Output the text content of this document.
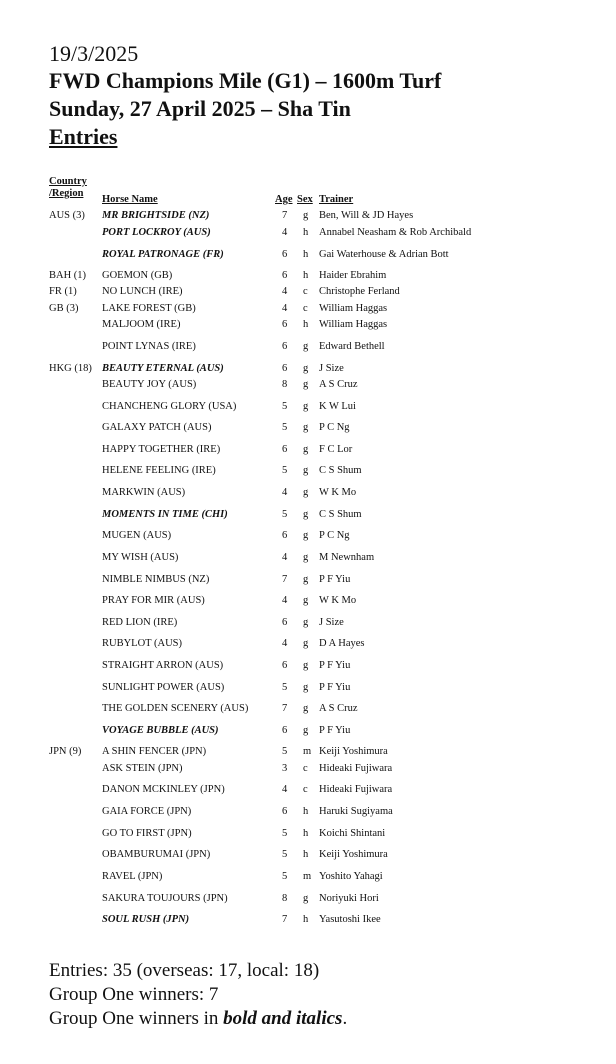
19/3/2025
FWD Champions Mile (G1) – 1600m Turf
Sunday, 27 April 2025 – Sha Tin
Entries
Country
/Region
Horse Name	Age Sex Trainer
AUS (3) MR BRIGHTSIDE (NZ)	7 g Ben, Will & JD Hayes
PORT LOCKROY (AUS)	4 h Annabel Neasham & Rob Archibald
ROYAL PATRONAGE (FR)	6 h Gai Waterhouse & Adrian Bott
BAH (1) GOEMON (GB)	6 h Haider Ebrahim
FR (1) NO LUNCH (IRE)	4 c Christophe Ferland
GB (3) LAKE FOREST (GB)	4 c William Haggas
MALJOOM (IRE)	6 h William Haggas
POINT LYNAS (IRE)	6 g Edward Bethell
HKG (18) BEAUTY ETERNAL (AUS)	6 g J Size
BEAUTY JOY (AUS)	8 g A S Cruz
CHANCHENG GLORY (USA)	5 g K W Lui
GALAXY PATCH (AUS)	5 g P C Ng
HAPPY TOGETHER (IRE)	6 g F C Lor
HELENE FEELING (IRE)	5 g C S Shum
MARKWIN (AUS)	4 g W K Mo
MOMENTS IN TIME (CHI)	5 g C S Shum
MUGEN (AUS)	6 g P C Ng
MY WISH (AUS)	4 g M Newnham
NIMBLE NIMBUS (NZ)	7 g P F Yiu
PRAY FOR MIR (AUS)	4 g W K Mo
RED LION (IRE)	6 g J Size
RUBYLOT (AUS)	4 g D A Hayes
STRAIGHT ARRON (AUS)	6 g P F Yiu
SUNLIGHT POWER (AUS)	5 g P F Yiu
THE GOLDEN SCENERY (AUS)	7 g A S Cruz
VOYAGE BUBBLE (AUS)	6 g P F Yiu
JPN (9) A SHIN FENCER (JPN)	5 m Keiji Yoshimura
ASK STEIN (JPN)	3 c Hideaki Fujiwara
DANON MCKINLEY (JPN)	4 c Hideaki Fujiwara
GAIA FORCE (JPN)	6 h Haruki Sugiyama
GO TO FIRST (JPN)	5 h Koichi Shintani
OBAMBURUMAI (JPN)	5 h Keiji Yoshimura
RAVEL (JPN)	5 m Yoshito Yahagi
SAKURA TOUJOURS (JPN)	8 g Noriyuki Hori
SOUL RUSH (JPN)	7 h Yasutoshi Ikee
Entries: 35 (overseas: 17, local: 18)
Group One winners: 7
Group One winners in bold and italics.
